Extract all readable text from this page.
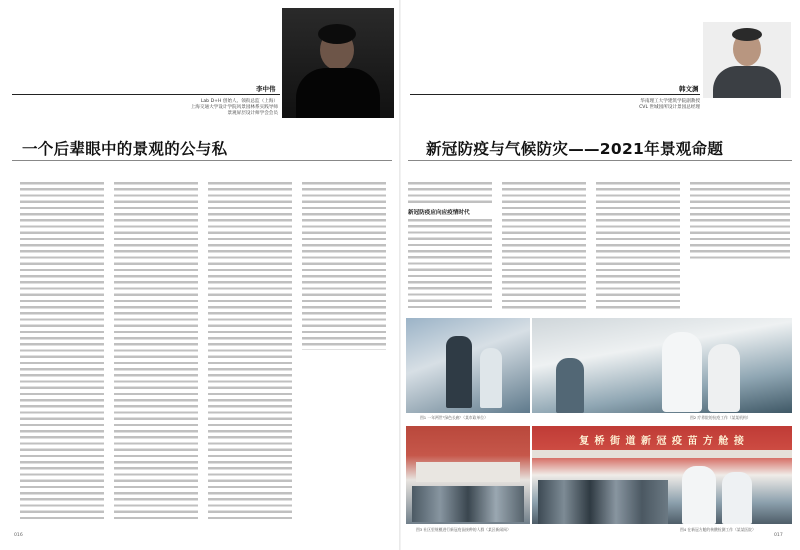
李中伟
Lab D+H 创始人、领衔总监（上海）
上海交通大学设计学院风景园林系实践导师
景观屏层设计师学会会员
一个后辈眼中的景观的公与私
016
韩文渊
华南理工大学建筑学院副教授
CVL 世城园所设计景园总经理
新冠防疫与气候防灾——2021年景观命题
新冠防疫应向应疫情时代
图1 一年两世"绿色长廊"（某市政单位）	图2 疗养院的抗疫工作（某某机构）
图3 社区里规模进行新冠疫苗接种的人群（某区新闻网）
复 桥 街 道 新 冠 疫 苗 方 舱 接
图4 在新冠方舱的核酸检测工作（某某医院）
017
